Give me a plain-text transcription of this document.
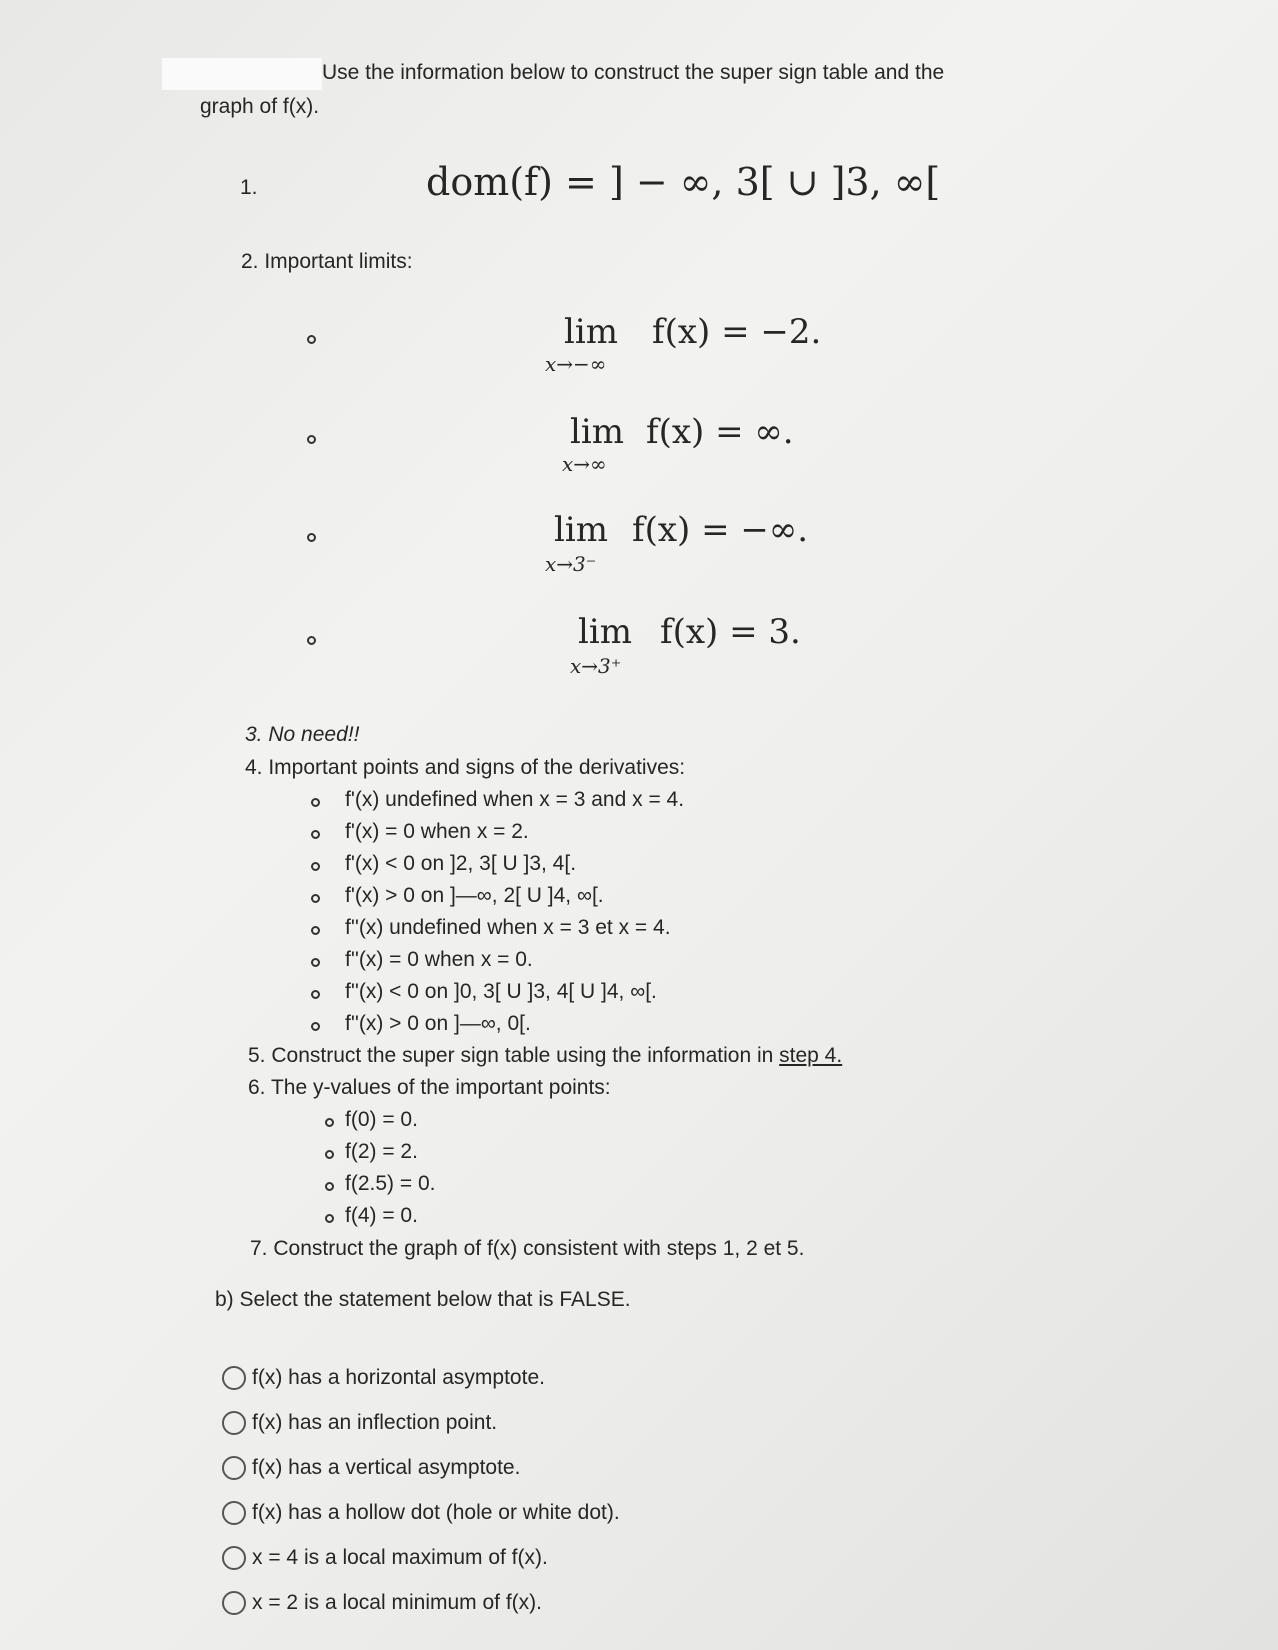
Use the information below to construct the super sign table and the
graph of f(x).
1.	dom(f) = ] − ∞, 3[ ∪ ]3, ∞[
2. Important limits:
lim
x→−∞
f(x) = −2.
lim
x→∞
f(x) = ∞.
lim
x→3⁻
f(x) = −∞.
lim
x→3⁺
f(x) = 3.
3. No need!!
4. Important points and signs of the derivatives:
f'(x) undefined when x = 3 and x = 4.
f'(x) = 0 when x = 2.
f'(x) < 0 on ]2, 3[ U ]3, 4[.
f'(x) > 0 on ]—∞, 2[ U ]4, ∞[.
f''(x) undefined when x = 3 et x = 4.
f''(x) = 0 when x = 0.
f''(x) < 0 on ]0, 3[ U ]3, 4[ U ]4, ∞[.
f''(x) > 0 on ]—∞, 0[.
5. Construct the super sign table using the information in step 4.
6. The y-values of the important points:
f(0) = 0.
f(2) = 2.
f(2.5) = 0.
f(4) = 0.
7. Construct the graph of f(x) consistent with steps 1, 2 et 5.
b) Select the statement below that is FALSE.
f(x) has a horizontal asymptote.
f(x) has an inflection point.
f(x) has a vertical asymptote.
f(x) has a hollow dot (hole or white dot).
x = 4 is a local maximum of f(x).
x = 2 is a local minimum of f(x).
